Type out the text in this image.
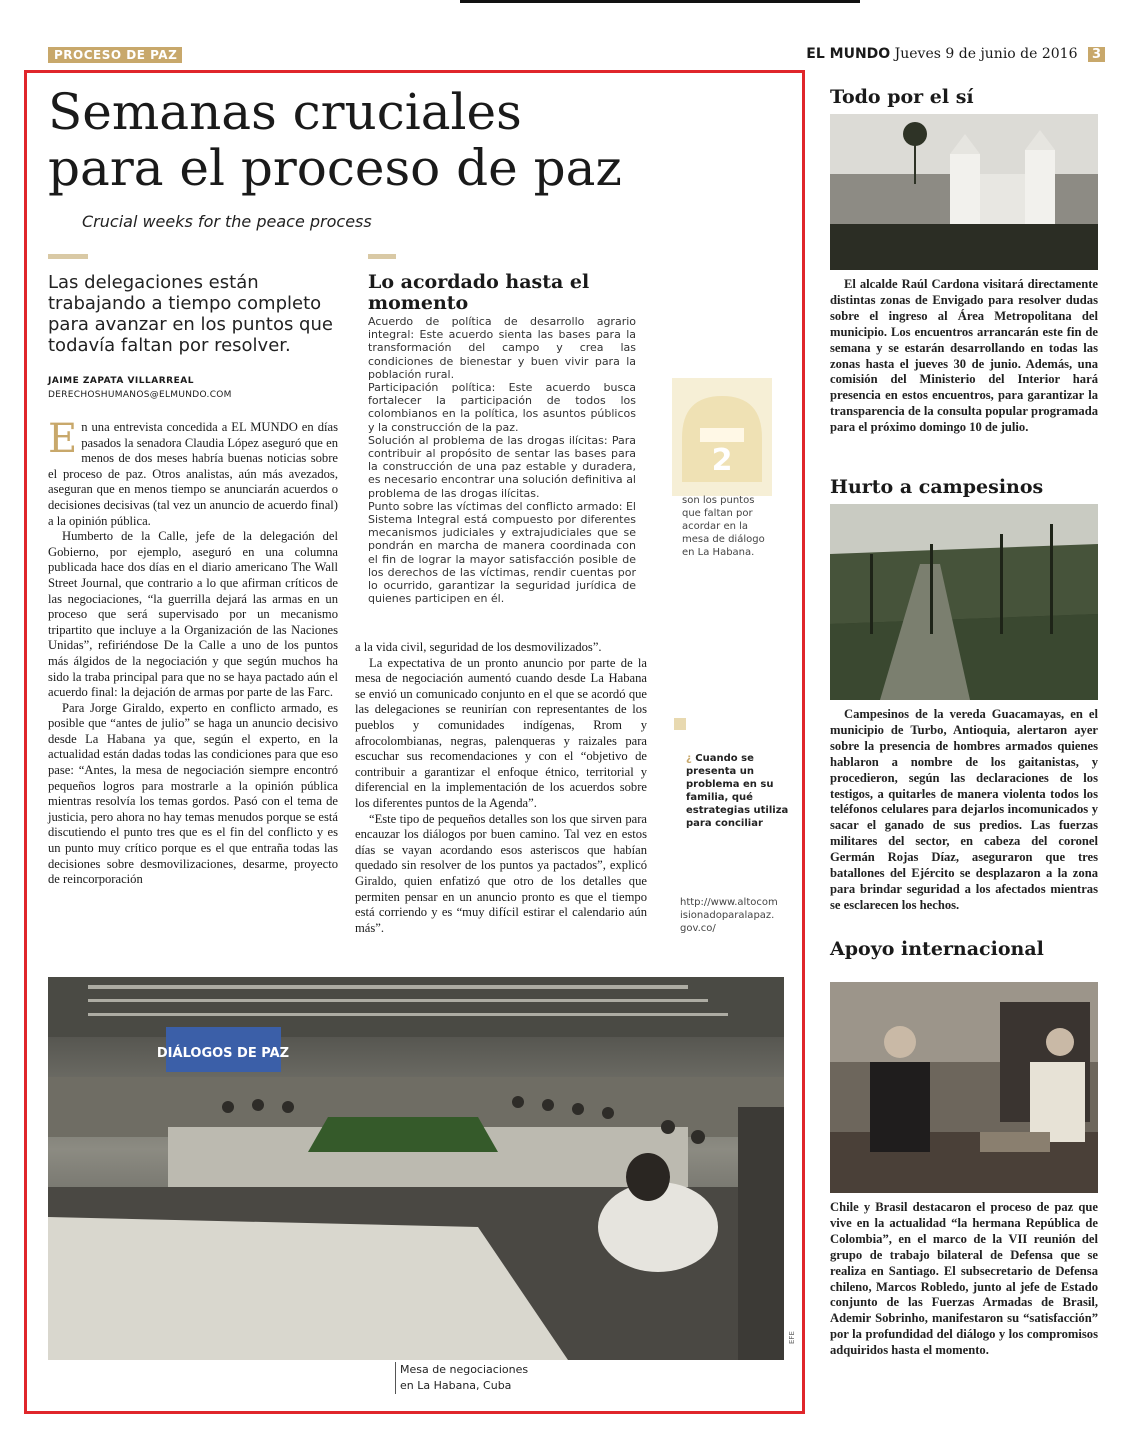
PROCESO DE PAZ	EL MUNDO Jueves 9 de junio de 2016 3
Semanas cruciales
para el proceso de paz
Crucial weeks for the peace process
Las delegaciones están trabajando a tiempo completo para avanzar en los puntos que todavía faltan por resolver.
JAIME ZAPATA VILLARREAL
DERECHOSHUMANOS@ELMUNDO.COM

En una entrevista concedida a EL MUNDO en días pasados la senadora Claudia López aseguró que en menos de dos meses habría buenas noticias sobre el proceso de paz. Otros analistas, aún más avezados, aseguran que en menos tiempo se anunciarán acuerdos o decisiones decisivas (tal vez un anuncio de acuerdo final) a la opinión pública.

Humberto de la Calle, jefe de la delegación del Gobierno, por ejemplo, aseguró en una columna publicada hace dos días en el diario americano The Wall Street Journal, que contrario a lo que afirman críticos de las negociaciones, “la guerrilla dejará las armas en un proceso que será supervisado por un mecanismo tripartito que incluye a la Organización de las Naciones Unidas”, refiriéndose De la Calle a uno de los puntos más álgidos de la negociación y que según muchos ha sido la traba principal para que no se haya pactado aún el acuerdo final: la dejación de armas por parte de las Farc.

Para Jorge Giraldo, experto en conflicto armado, es posible que “antes de julio” se haga un anuncio decisivo desde La Habana ya que, según el experto, en la actualidad están dadas todas las condiciones para que eso pase: “Antes, la mesa de negociación siempre encontró pequeños logros para mostrarle a la opinión pública mientras resolvía los temas gordos. Pasó con el tema de justicia, pero ahora no hay temas menudos porque se está discutiendo el punto tres que es el fin del conflicto y es un punto muy crítico porque es el que entraña todas las decisiones sobre desmovilizaciones, desarme, proyecto de reincorporación

Lo acordado hasta el momento

Acuerdo de política de desarrollo agrario integral: Este acuerdo sienta las bases para la transformación del campo y crea las condiciones de bienestar y buen vivir para la población rural.

Participación política: Este acuerdo busca fortalecer la participación de todos los colombianos en la política, los asuntos públicos y la construcción de la paz.

Solución al problema de las drogas ilícitas: Para contribuir al propósito de sentar las bases para la construcción de una paz estable y duradera, es necesario encontrar una solución definitiva al problema de las drogas ilícitas.

Punto sobre las víctimas del conflicto armado: El Sistema Integral está compuesto por diferentes mecanismos judiciales y extrajudiciales que se pondrán en marcha de manera coordinada con el fin de lograr la mayor satisfacción posible de los derechos de las víctimas, rendir cuentas por lo ocurrido, garantizar la seguridad jurídica de quienes participen en él.

a la vida civil, seguridad de los desmovilizados”.

La expectativa de un pronto anuncio por parte de la mesa de negociación aumentó cuando desde La Habana se envió un comunicado conjunto en el que se acordó que las delegaciones se reunirían con representantes de los pueblos y comunidades indígenas, Rrom y afrocolombianas, negras, palenqueras y raizales para escuchar sus recomendaciones y con el “objetivo de contribuir a garantizar el enfoque étnico, territorial y diferencial en la implementación de los acuerdos sobre los diferentes puntos de la Agenda”.

“Este tipo de pequeños detalles son los que sirven para encauzar los diálogos por buen camino. Tal vez en estos días se vayan acordando esos asteriscos que habían quedado sin resolver de los puntos ya pactados”, explicó Giraldo, quien enfatizó que otro de los detalles que permiten pensar en un anuncio pronto es que el tiempo está corriendo y es “muy difícil estirar el calendario aún más”.

2
son los puntos que faltan por acordar en la mesa de diálogo en La Habana.
¿ Cuando se presenta un problema en su familia, qué estrategias utiliza para conciliar
http://www.altocomisionadoparalapaz.gov.co/
DIÁLOGOS DE PAZ
Mesa de negociaciones
en La Habana, Cuba
EFE
Todo por el sí

El alcalde Raúl Cardona visitará directamente distintas zonas de Envigado para resolver dudas sobre el ingreso al Área Metropolitana del municipio. Los encuentros arrancarán este fin de semana y se estarán desarrollando en todas las zonas hasta el jueves 30 de junio. Además, una comisión del Ministerio del Interior hará presencia en estos encuentros, para garantizar la transparencia de la consulta popular programada para el próximo domingo 10 de julio.

Hurto a campesinos

Campesinos de la vereda Guacamayas, en el municipio de Turbo, Antioquia, alertaron ayer sobre la presencia de hombres armados quienes hablaron a nombre de los gaitanistas, y procedieron, según las declaraciones de los testigos, a quitarles de manera violenta todos los teléfonos celulares para dejarlos incomunicados y sacar el ganado de sus predios. Las fuerzas militares del sector, en cabeza del coronel Germán Rojas Díaz, aseguraron que tres batallones del Ejército se desplazaron a la zona para brindar seguridad a los afectados mientras se esclarecen los hechos.

Apoyo internacional

Chile y Brasil destacaron el proceso de paz que vive en la actualidad “la hermana República de Colombia”, en el marco de la VII reunión del grupo de trabajo bilateral de Defensa que se realiza en Santiago. El subsecretario de Defensa chileno, Marcos Robledo, junto al jefe de Estado conjunto de las Fuerzas Armadas de Brasil, Ademir Sobrinho, manifestaron su “satisfacción” por la profundidad del diálogo y los compromisos adquiridos hasta el momento.
